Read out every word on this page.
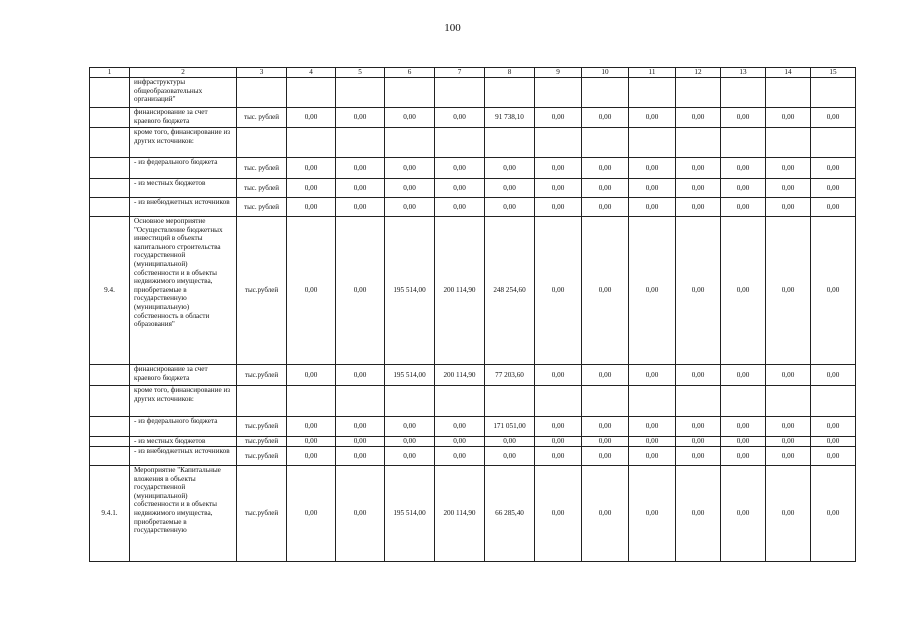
100
1	2	3	4	5	6	7	8	9	10	11	12	13	14	15
	инфраструктуры общеобразовательных организаций"													
	финансирование за счет краевого бюджета	тыс. рублей	0,00	0,00	0,00	0,00	91 738,10	0,00	0,00	0,00	0,00	0,00	0,00	0,00
	кроме того, финансирование из других источников:													
	- из федерального бюджета	тыс. рублей	0,00	0,00	0,00	0,00	0,00	0,00	0,00	0,00	0,00	0,00	0,00	0,00
	- из местных бюджетов	тыс. рублей	0,00	0,00	0,00	0,00	0,00	0,00	0,00	0,00	0,00	0,00	0,00	0,00
	- из внебюджетных источников	тыс. рублей	0,00	0,00	0,00	0,00	0,00	0,00	0,00	0,00	0,00	0,00	0,00	0,00
9.4.	Основное мероприятие "Осуществление бюджетных инвестиций в объекты капитального строительства государственной (муниципальной) собственности и в объекты недвижимого имущества, приобретаемые в государственную (муниципальную) собственность в области образования"	тыс.рублей	0,00	0,00	195 514,00	200 114,90	248 254,60	0,00	0,00	0,00	0,00	0,00	0,00	0,00
	финансирование за счет краевого бюджета	тыс.рублей	0,00	0,00	195 514,00	200 114,90	77 203,60	0,00	0,00	0,00	0,00	0,00	0,00	0,00
	кроме того, финансирование из других источников:													
	- из федерального бюджета	тыс.рублей	0,00	0,00	0,00	0,00	171 051,00	0,00	0,00	0,00	0,00	0,00	0,00	0,00
	- из местных бюджетов	тыс.рублей	0,00	0,00	0,00	0,00	0,00	0,00	0,00	0,00	0,00	0,00	0,00	0,00
	- из внебюджетных источников	тыс.рублей	0,00	0,00	0,00	0,00	0,00	0,00	0,00	0,00	0,00	0,00	0,00	0,00
9.4.1.	Мероприятие "Капитальные вложения в объекты государственной (муниципальной) собственности и в объекты недвижимого имущества, приобретаемые в государственную	тыс.рублей	0,00	0,00	195 514,00	200 114,90	66 285,40	0,00	0,00	0,00	0,00	0,00	0,00	0,00
